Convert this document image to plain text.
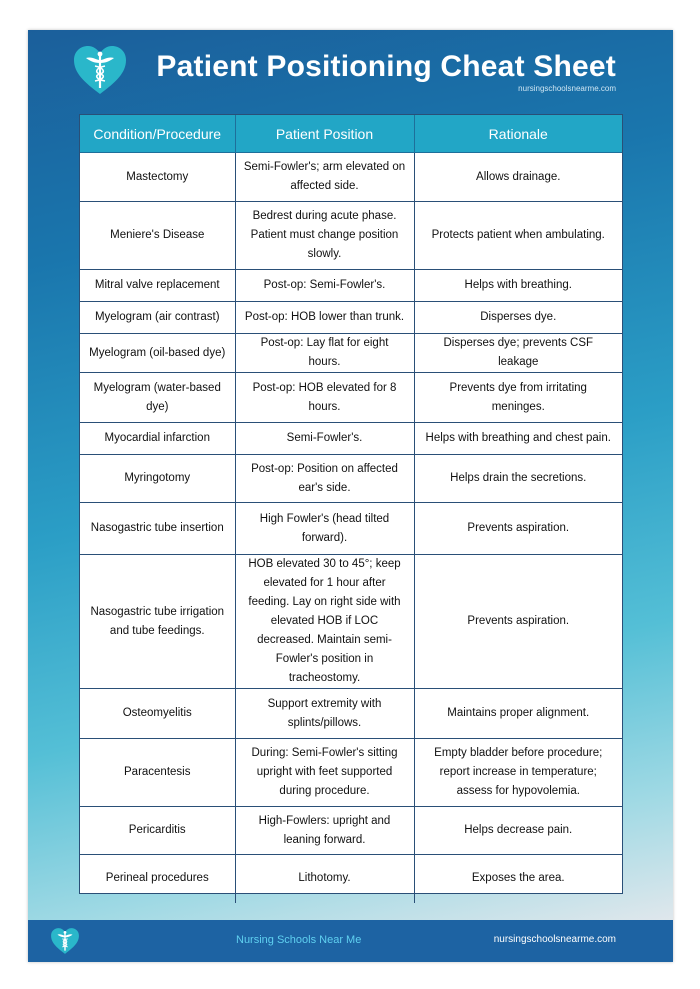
Patient Positioning Cheat Sheet
nursingschoolsnearme.com
Condition/Procedure	Patient Position	Rationale
Mastectomy	Semi-Fowler's; arm elevated on affected side.	Allows drainage.
Meniere's Disease	Bedrest during acute phase. Patient must change position slowly.	Protects patient when ambulating.
Mitral valve replacement	Post-op: Semi-Fowler's.	Helps with breathing.
Myelogram (air contrast)	Post-op: HOB lower than trunk.	Disperses dye.
Myelogram (oil-based dye)	Post-op: Lay flat for eight hours.	Disperses dye; prevents CSF leakage
Myelogram (water-based dye)	Post-op: HOB elevated for 8 hours.	Prevents dye from irritating meninges.
Myocardial infarction	Semi-Fowler's.	Helps with breathing and chest pain.
Myringotomy	Post-op: Position on affected ear's side.	Helps drain the secretions.
Nasogastric tube insertion	High Fowler's (head tilted forward).	Prevents aspiration.
Nasogastric tube irrigation and tube feedings.	HOB elevated 30 to 45°; keep elevated for 1 hour after feeding. Lay on right side with elevated HOB if LOC decreased. Maintain semi-Fowler's position in tracheostomy.	Prevents aspiration.
Osteomyelitis	Support extremity with splints/pillows.	Maintains proper alignment.
Paracentesis	During: Semi-Fowler's sitting upright with feet supported during procedure.	Empty bladder before procedure; report increase in temperature; assess for hypovolemia.
Pericarditis	High-Fowlers: upright and leaning forward.	Helps decrease pain.
Perineal procedures	Lithotomy.	Exposes the area.
Nursing Schools Near Me	nursingschoolsnearme.com
